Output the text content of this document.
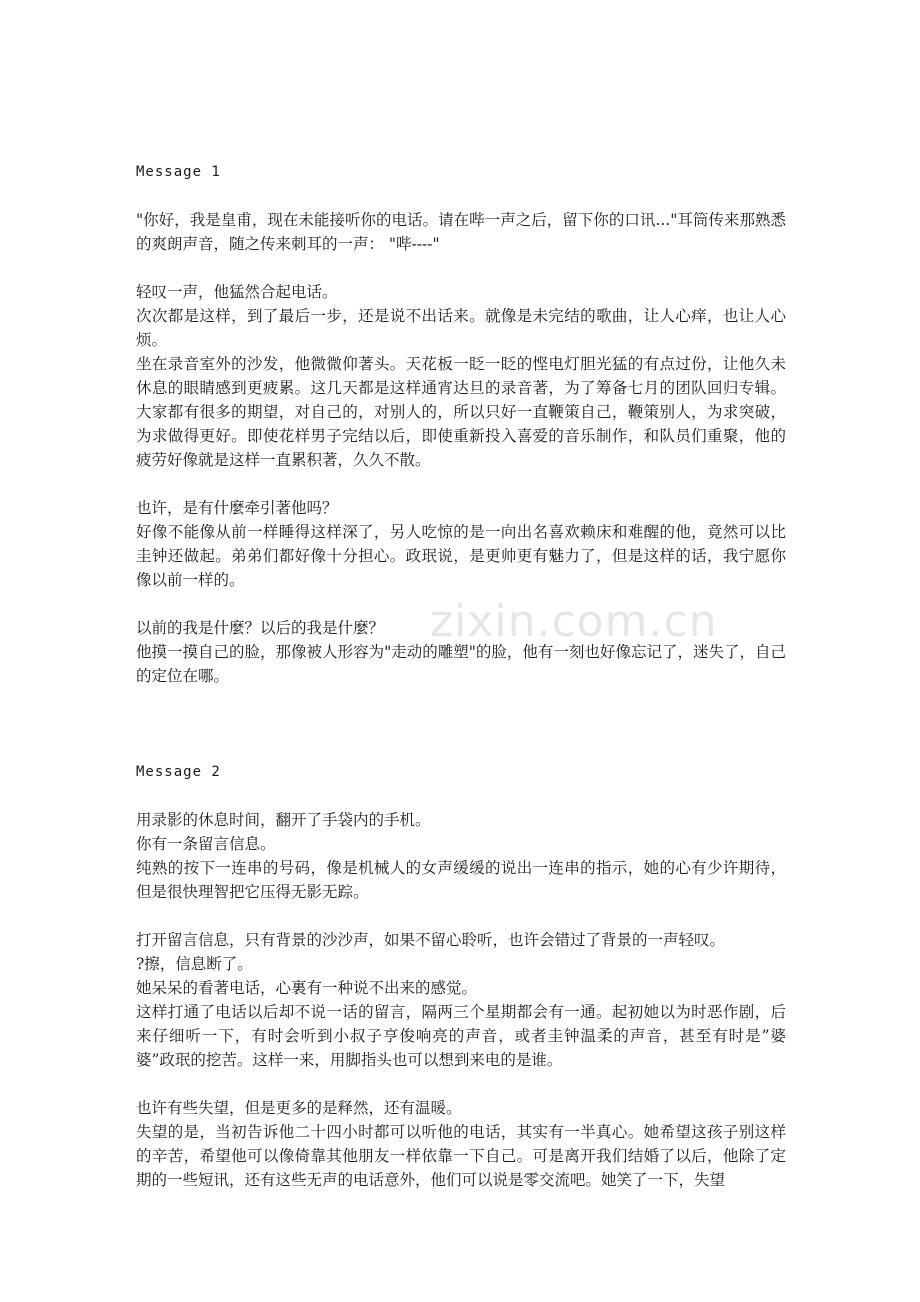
zixin.com.cn
Message 1

"你好，我是皇甫，现在未能接听你的电话。请在哔一声之后，留下你的口讯..."耳筒传来那熟悉的爽朗声音，随之传来刺耳的一声： "哔----"

轻叹一声，他猛然合起电话。

次次都是这样，到了最后一步，还是说不出话来。就像是未完结的歌曲，让人心痒，也让人心烦。

坐在录音室外的沙发，他微微仰著头。天花板一眨一眨的悭电灯胆光猛的有点过份，让他久未休息的眼睛感到更疲累。这几天都是这样通宵达旦的录音著，为了筹备七月的团队回归专辑。大家都有很多的期望，对自己的，对别人的，所以只好一直鞭策自己，鞭策别人，为求突破，为求做得更好。即使花样男子完结以后，即使重新投入喜爱的音乐制作，和队员们重聚，他的疲劳好像就是这样一直累积著，久久不散。

也许，是有什麼牵引著他吗？

好像不能像从前一样睡得这样深了，另人吃惊的是一向出名喜欢赖床和难醒的他，竟然可以比圭钟还做起。弟弟们都好像十分担心。政珉说，是更帅更有魅力了，但是这样的话，我宁愿你像以前一样的。

以前的我是什麼？以后的我是什麼？

他摸一摸自己的脸，那像被人形容为"走动的雕塑"的脸，他有一刻也好像忘记了，迷失了，自己的定位在哪。

Message 2

用录影的休息时间，翻开了手袋内的手机。

你有一条留言信息。

纯熟的按下一连串的号码，像是机械人的女声缓缓的说出一连串的指示，她的心有少许期待，但是很快理智把它压得无影无踪。

打开留言信息，只有背景的沙沙声，如果不留心聆听，也许会错过了背景的一声轻叹。

?擦，信息断了。

她呆呆的看著电话，心裏有一种说不出来的感觉。

这样打通了电话以后却不说一话的留言，隔两三个星期都会有一通。起初她以为时恶作剧，后来仔细听一下，有时会听到小叔子亨俊响亮的声音，或者圭钟温柔的声音，甚至有时是”婆婆”政珉的挖苦。这样一来，用脚指头也可以想到来电的是谁。

也许有些失望，但是更多的是释然，还有温暖。

失望的是，当初告诉他二十四小时都可以听他的电话，其实有一半真心。她希望这孩子别这样的辛苦，希望他可以像倚靠其他朋友一样依靠一下自己。可是离开我们结婚了以后，他除了定期的一些短讯，还有这些无声的电话意外，他们可以说是零交流吧。她笑了一下，失望
